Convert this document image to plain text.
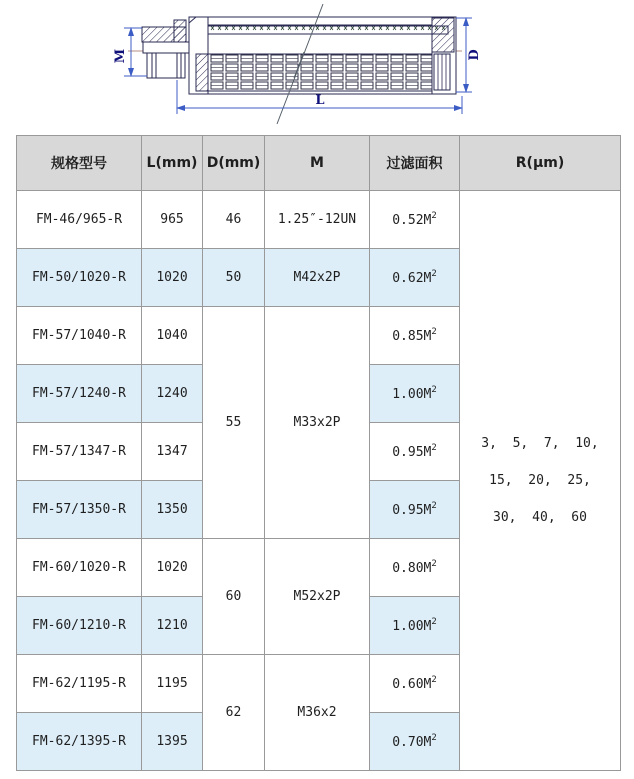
M	D
L
规格型号	L(mm)	D(mm)	M	过滤面积	R(μm)
FM-46/965-R	965	46	1.25″-12UN	$0.52M^2$	3,  5,  7,  10,
15,  20,  25,
30,  40,  60

FM-50/1020-R	1020	50	M42x2P	$0.62M^2$
FM-57/1040-R	1040	55	M33x2P	$0.85M^2$
FM-57/1240-R	1240			$1.00M^2$
FM-57/1347-R	1347			$0.95M^2$
FM-57/1350-R	1350			$0.95M^2$
FM-60/1020-R	1020	60	M52x2P	$0.80M^2$
FM-60/1210-R	1210			$1.00M^2$
FM-62/1195-R	1195	62	M36x2	$0.60M^2$
FM-62/1395-R	1395			$0.70M^2$
